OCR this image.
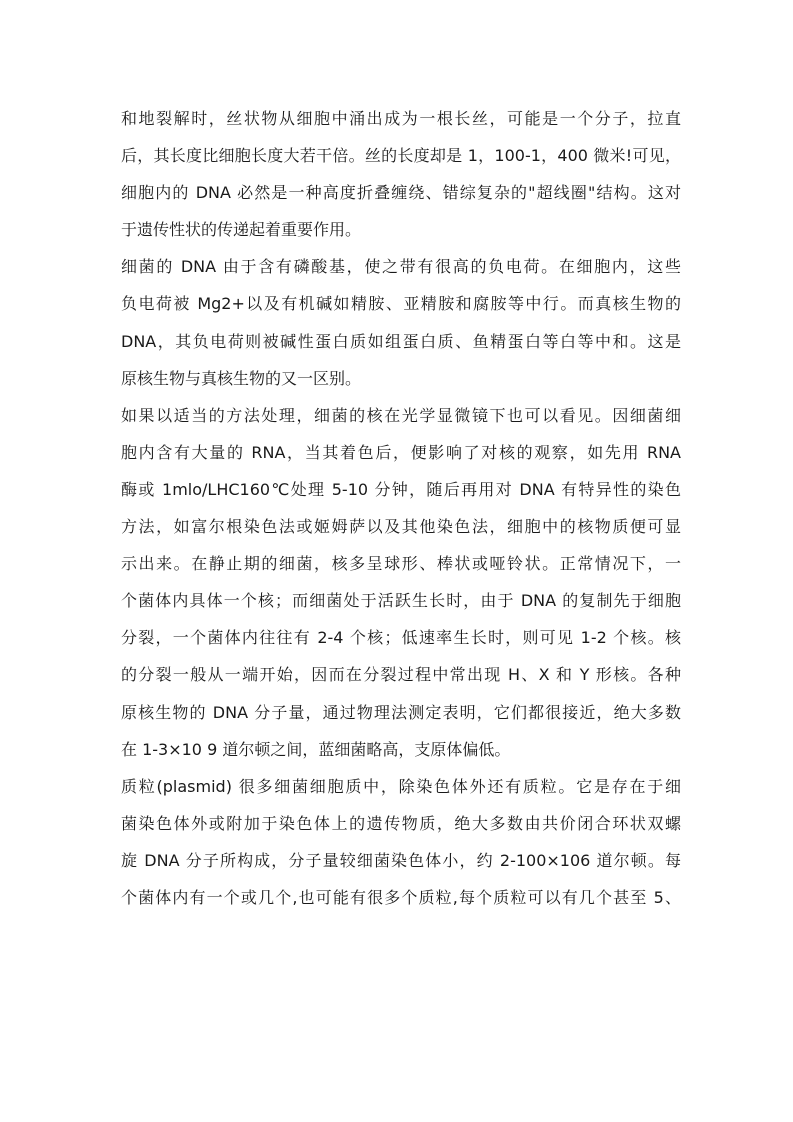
和地裂解时，丝状物从细胞中涌出成为一根长丝，可能是一个分子，拉直
后，其长度比细胞长度大若干倍。丝的长度却是 1，100-1，400 微米!可见，
细胞内的 DNA 必然是一种高度折叠缠绕、错综复杂的"超线圈"结构。这对
于遗传性状的传递起着重要作用。
细菌的 DNA 由于含有磷酸基，使之带有很高的负电荷。在细胞内，这些
负电荷被 Mg2+以及有机碱如精胺、亚精胺和腐胺等中行。而真核生物的
DNA，其负电荷则被碱性蛋白质如组蛋白质、鱼精蛋白等白等中和。这是
原核生物与真核生物的又一区别。
如果以适当的方法处理，细菌的核在光学显微镜下也可以看见。因细菌细
胞内含有大量的 RNA，当其着色后，便影响了对核的观察，如先用 RNA
酶或 1mlo/LHC160℃处理 5-10 分钟，随后再用对 DNA 有特异性的染色
方法，如富尔根染色法或姬姆萨以及其他染色法，细胞中的核物质便可显
示出来。在静止期的细菌，核多呈球形、棒状或哑铃状。正常情况下，一
个菌体内具体一个核；而细菌处于活跃生长时，由于 DNA 的复制先于细胞
分裂，一个菌体内往往有 2-4 个核；低速率生长时，则可见 1-2 个核。核
的分裂一般从一端开始，因而在分裂过程中常出现 H、X 和 Y 形核。各种
原核生物的 DNA 分子量，通过物理法测定表明，它们都很接近，绝大多数
在 1-3×10 9 道尔顿之间，蓝细菌略高，支原体偏低。
质粒(plasmid) 很多细菌细胞质中，除染色体外还有质粒。它是存在于细
菌染色体外或附加于染色体上的遗传物质，绝大多数由共价闭合环状双螺
旋 DNA 分子所构成，分子量较细菌染色体小，约 2-100×106 道尔顿。每
个菌体内有一个或几个,也可能有很多个质粒,每个质粒可以有几个甚至 5、
